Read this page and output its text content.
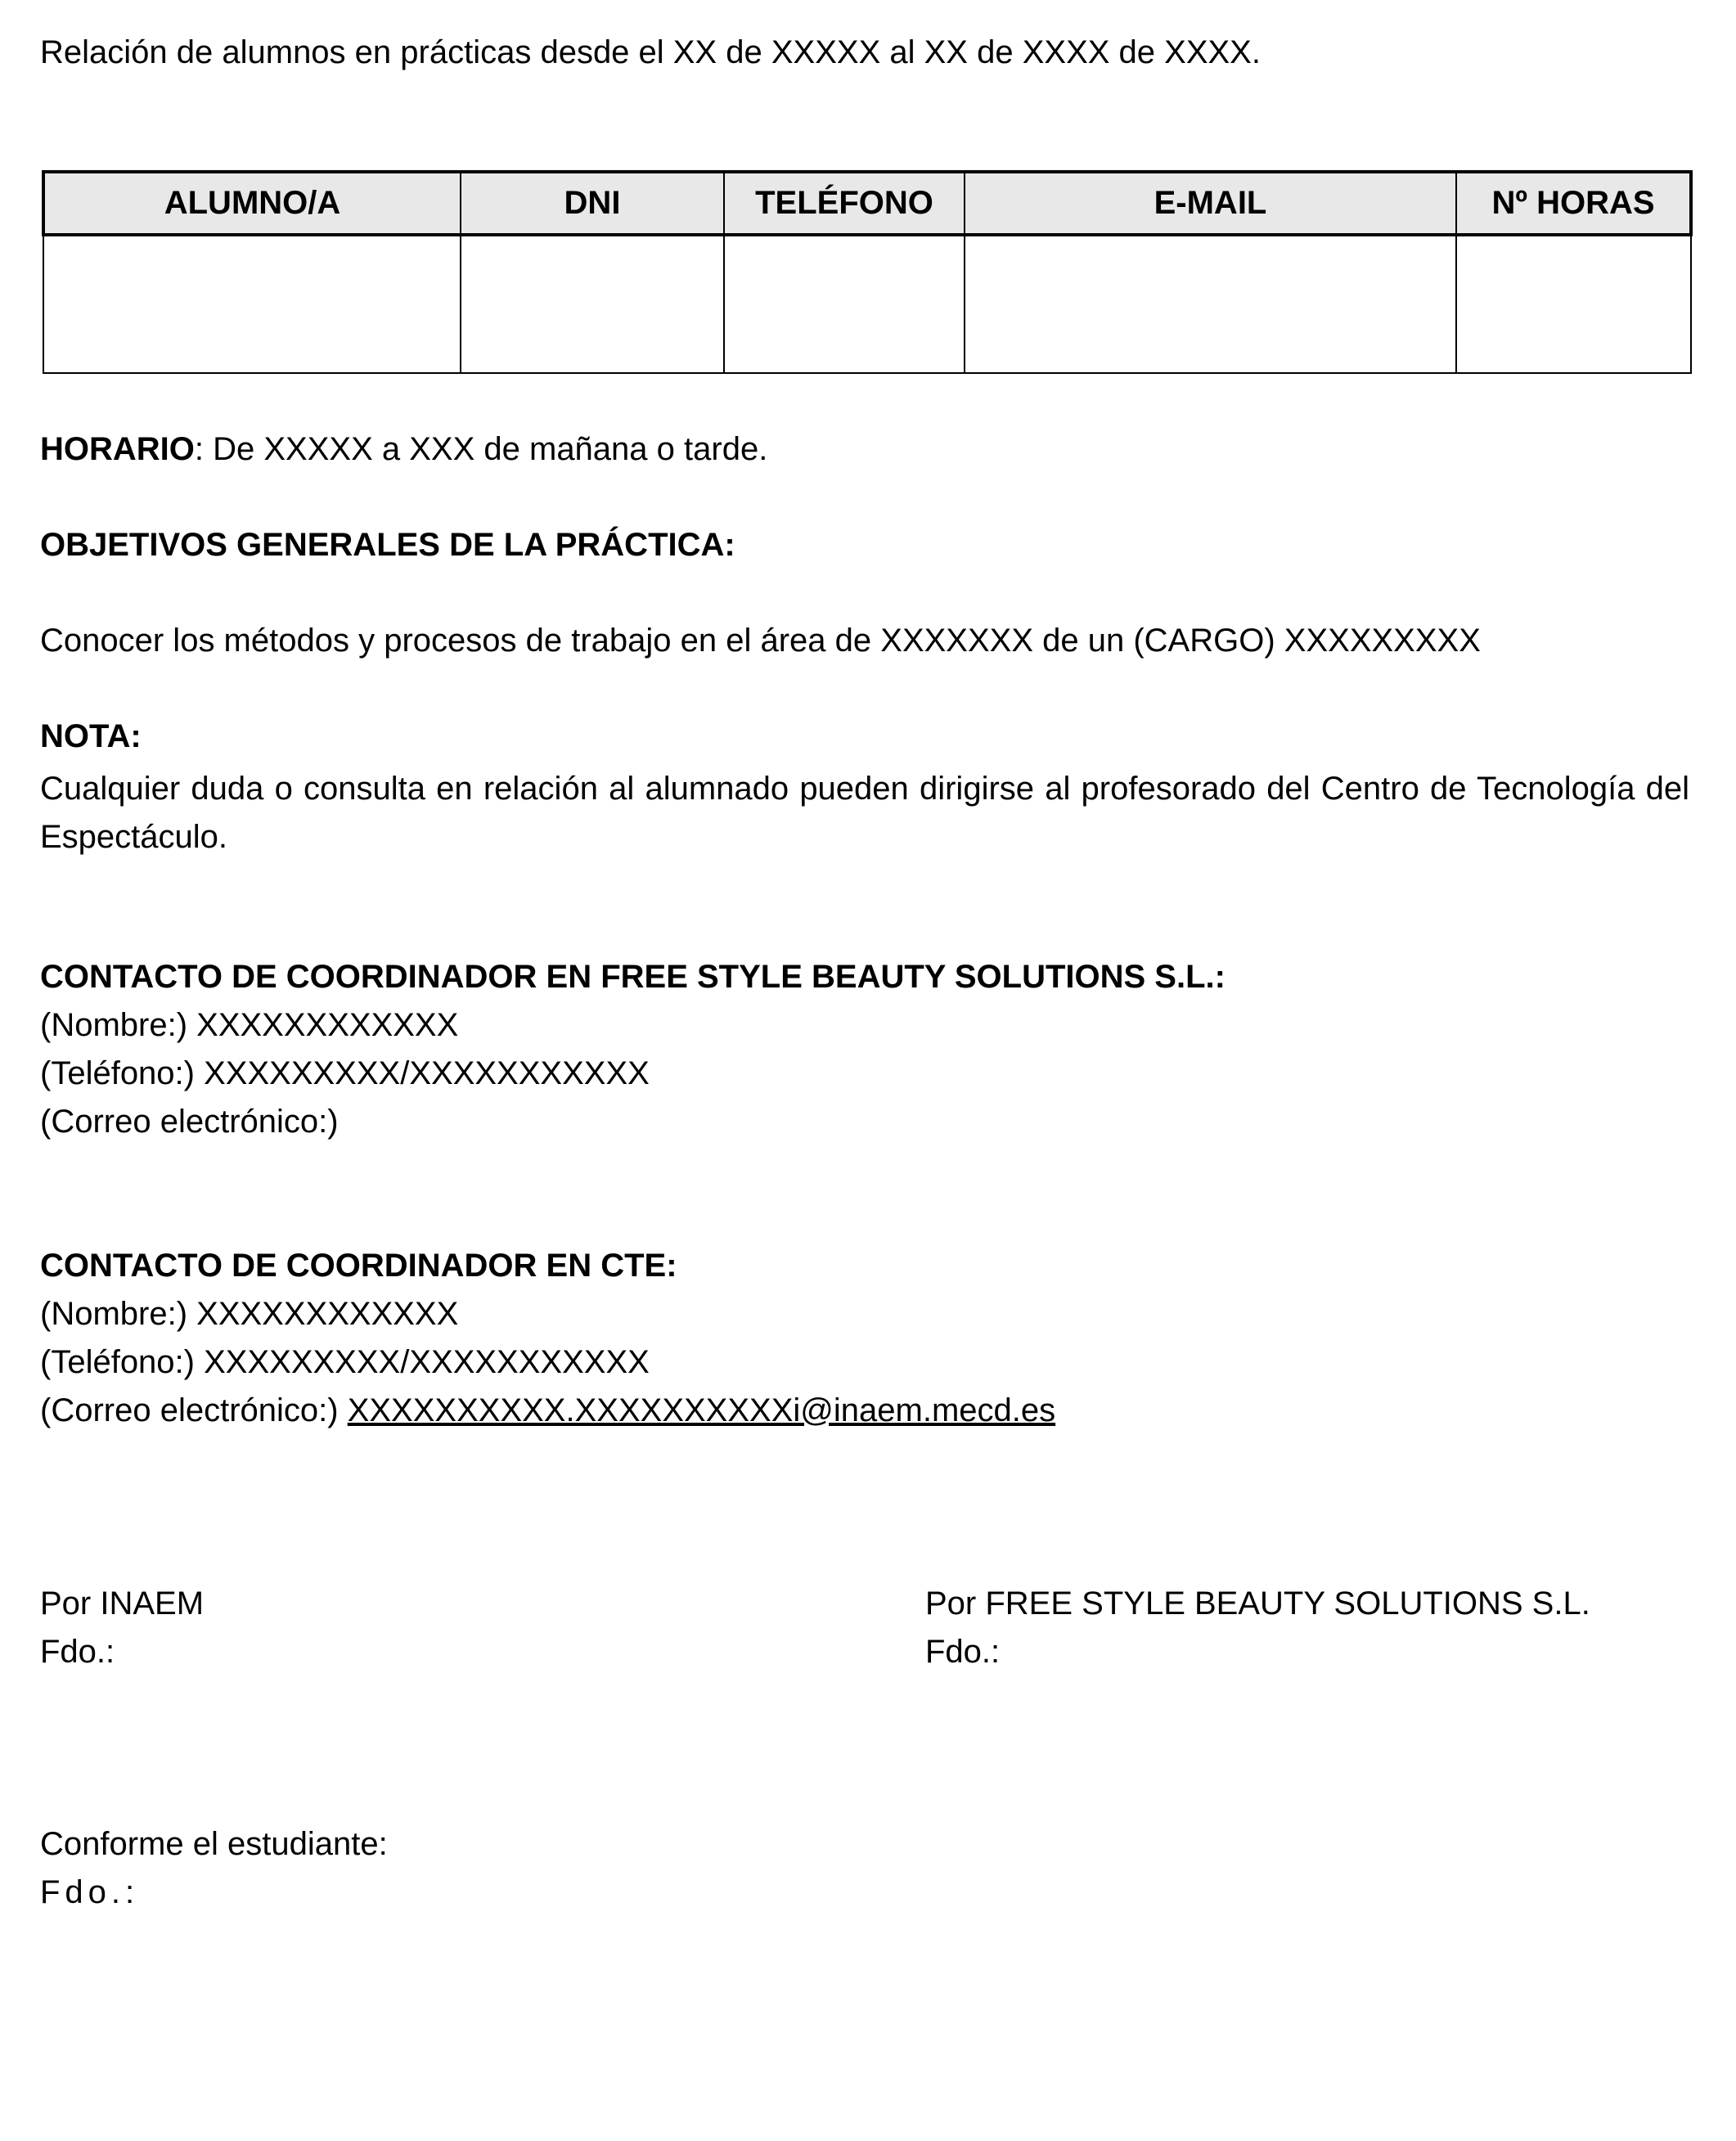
Relación de alumnos en prácticas desde el XX de XXXXX al XX de XXXX de XXXX.
ALUMNO/A	DNI	TELÉFONO	E-MAIL	Nº HORAS

HORARIO: De XXXXX a XXX de mañana o tarde.
OBJETIVOS GENERALES DE LA PRÁCTICA:
Conocer los métodos y procesos de trabajo en el área de XXXXXXX de un (CARGO) XXXXXXXXX
NOTA:
Cualquier duda o consulta en relación al alumnado pueden dirigirse al profesorado del Centro de Tecnología del Espectáculo.
CONTACTO DE COORDINADOR EN FREE STYLE BEAUTY SOLUTIONS S.L.:
(Nombre:) XXXXXXXXXXXX
(Teléfono:) XXXXXXXXX/XXXXXXXXXXX
(Correo electrónico:)
CONTACTO DE COORDINADOR EN CTE:
(Nombre:) XXXXXXXXXXXX
(Teléfono:) XXXXXXXXX/XXXXXXXXXXX
(Correo electrónico:) XXXXXXXXXX.XXXXXXXXXXi@inaem.mecd.es
Por INAEM
Fdo.:
Por FREE STYLE BEAUTY SOLUTIONS S.L.
Fdo.:
Conforme el estudiante:
Fdo.:
